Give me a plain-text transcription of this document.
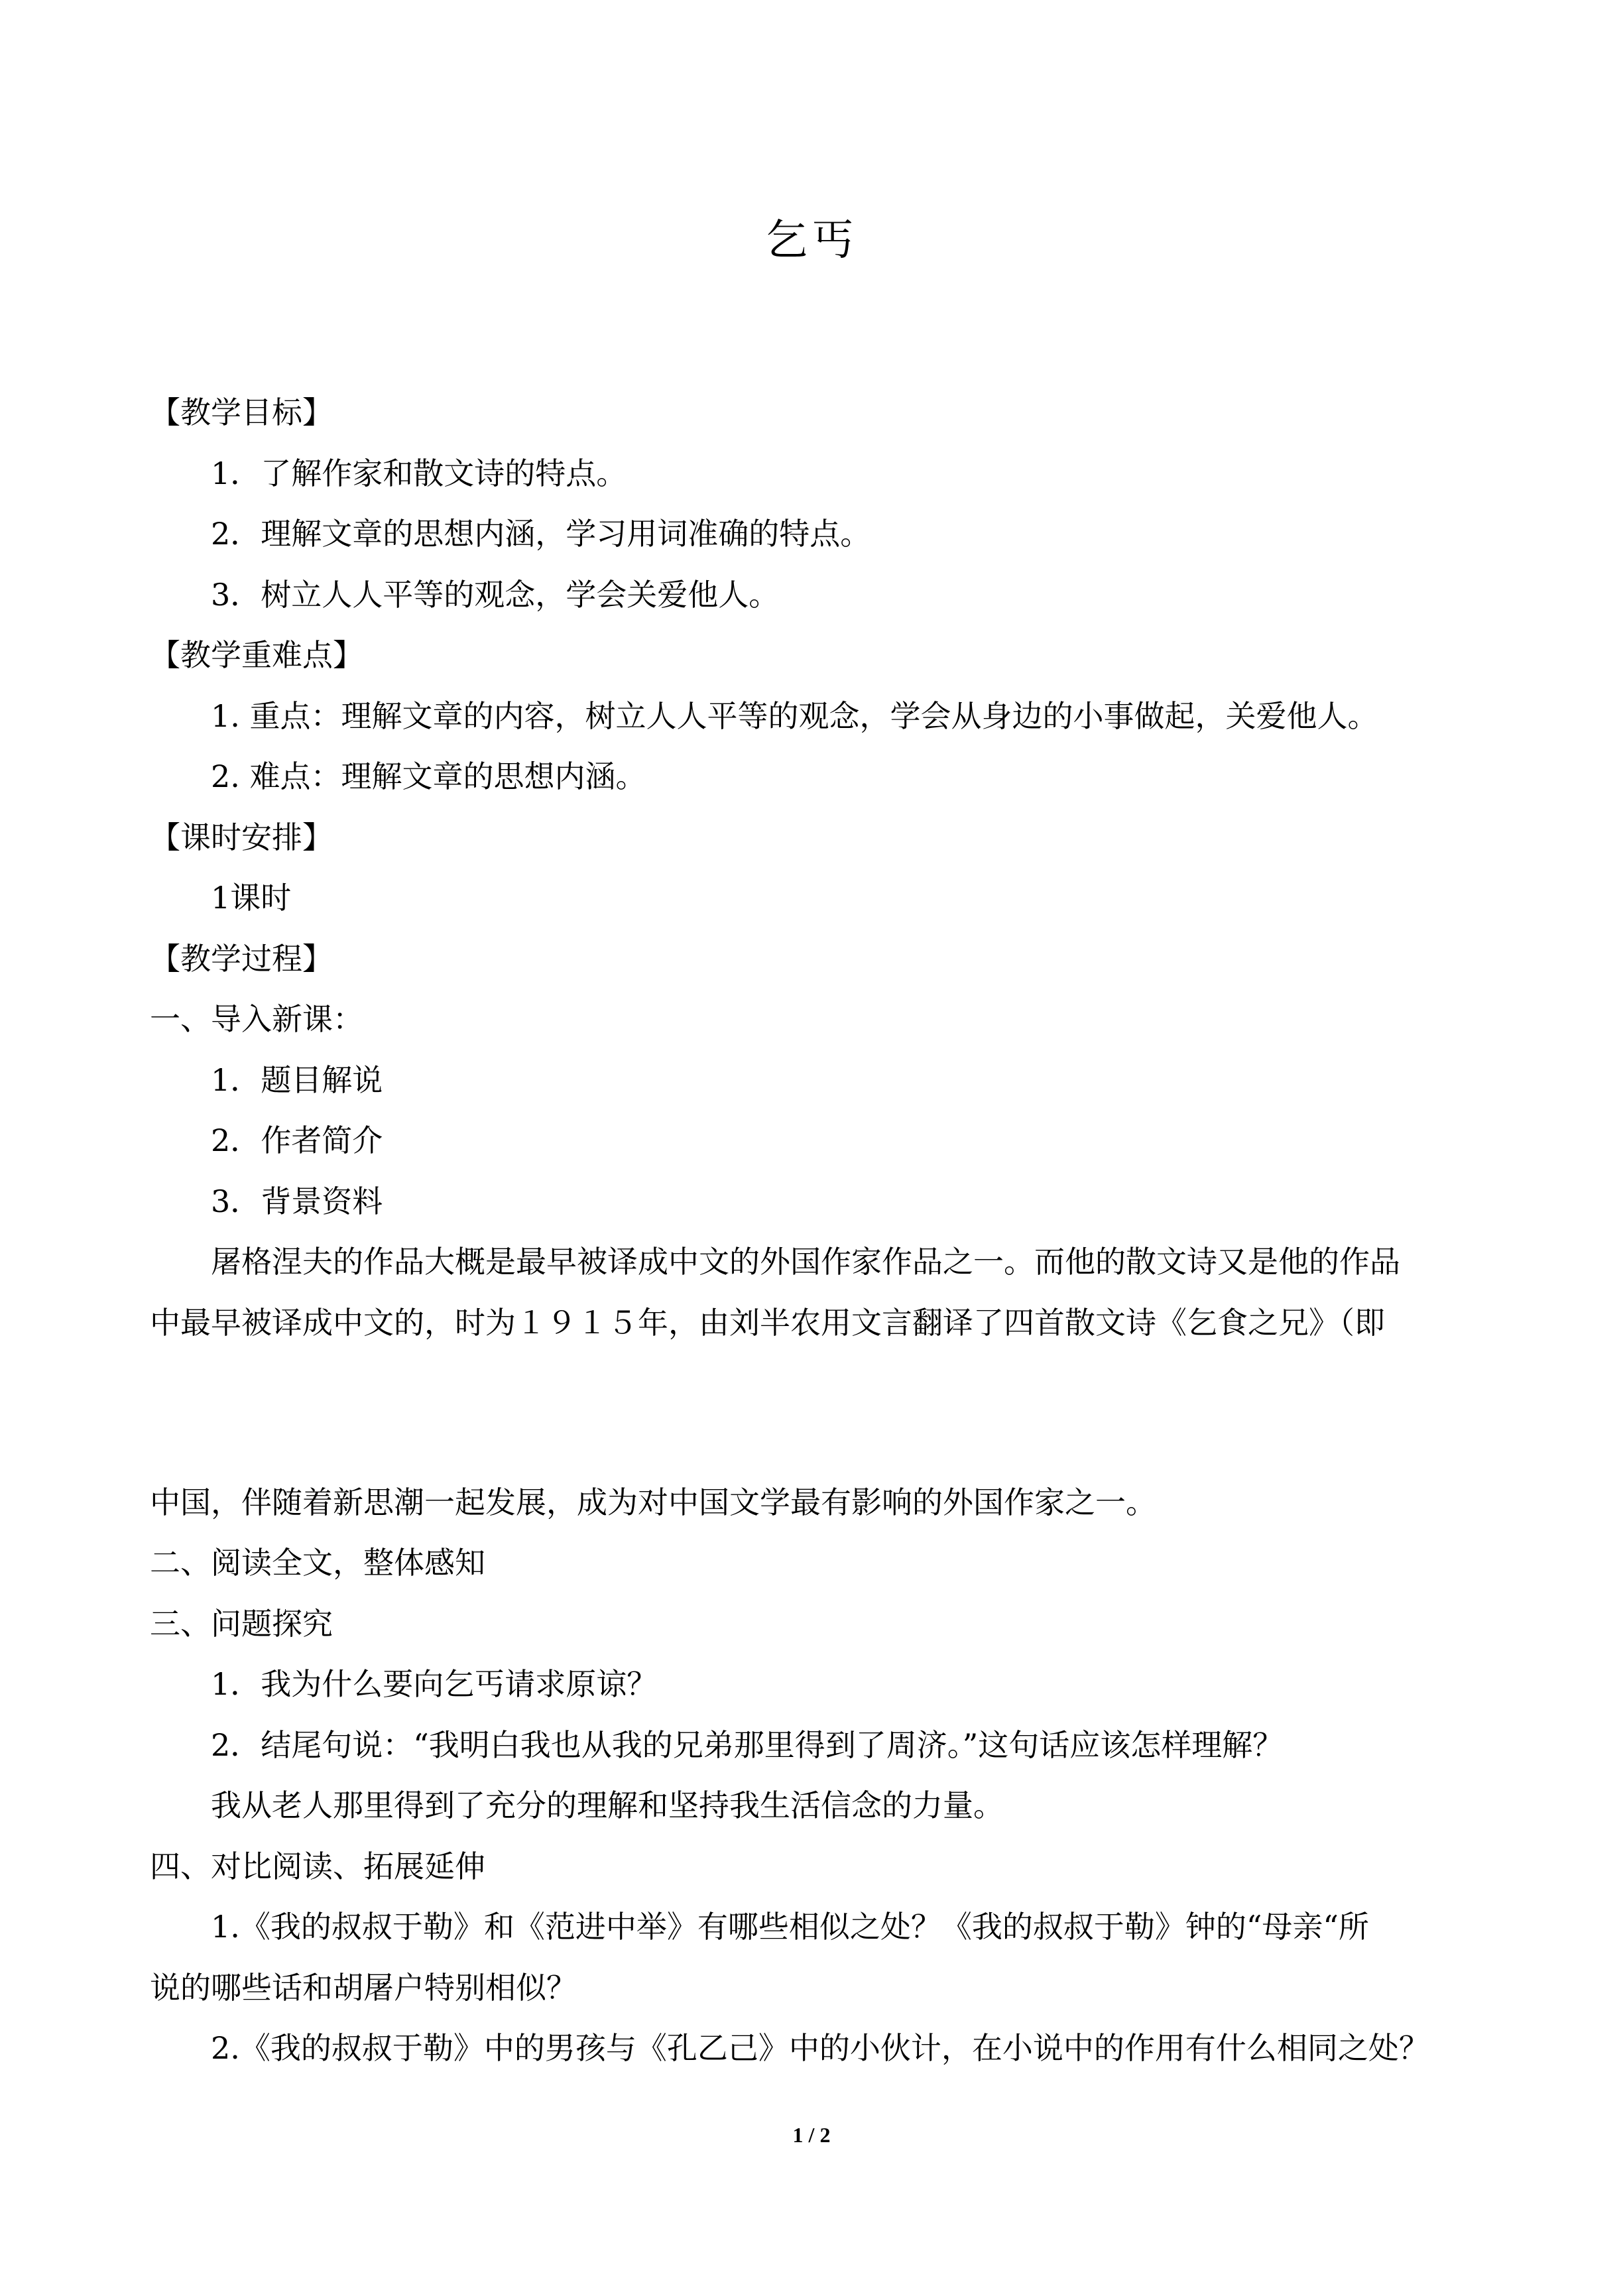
乞丐
【教学目标】
1．了解作家和散文诗的特点。
2．理解文章的思想内涵，学习用词准确的特点。
3．树立人人平等的观念，学会关爱他人。
【教学重难点】
1. 重点：理解文章的内容，树立人人平等的观念，学会从身边的小事做起，关爱他人。
2. 难点：理解文章的思想内涵。
【课时安排】
1课时
【教学过程】
一、导入新课：
1．题目解说
2．作者简介
3．背景资料
屠格涅夫的作品大概是最早被译成中文的外国作家作品之一。而他的散文诗又是他的作品
中最早被译成中文的，时为１９１５年，由刘半农用文言翻译了四首散文诗《乞食之兄》（即
中国，伴随着新思潮一起发展，成为对中国文学最有影响的外国作家之一。
二、阅读全文，整体感知
三、问题探究
1．我为什么要向乞丐请求原谅？
2．结尾句说：“我明白我也从我的兄弟那里得到了周济。”这句话应该怎样理解？
我从老人那里得到了充分的理解和坚持我生活信念的力量。
四、对比阅读、拓展延伸
1.《我的叔叔于勒》和《范进中举》有哪些相似之处？《我的叔叔于勒》钟的“母亲“所
说的哪些话和胡屠户特别相似？
2.《我的叔叔于勒》中的男孩与《孔乙己》中的小伙计，在小说中的作用有什么相同之处？
1 / 2
